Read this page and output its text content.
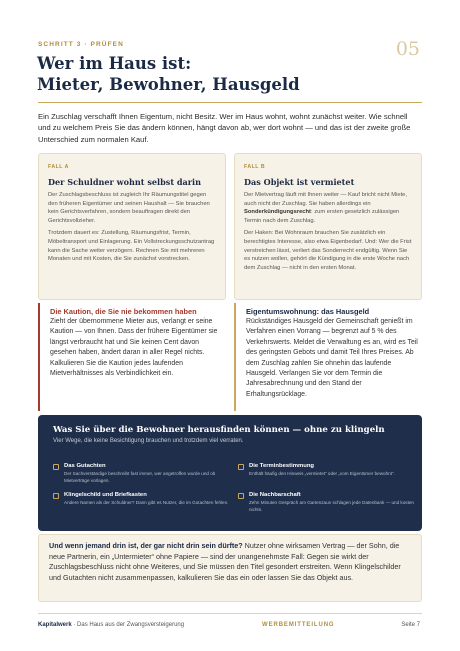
SCHRITT 3 · PRÜFEN	05
Wer im Haus ist:
Mieter, Bewohner, Hausgeld

Ein Zuschlag verschafft Ihnen Eigentum, nicht Besitz. Wer im Haus wohnt, wohnt zunächst weiter. Wie schnell und zu welchem Preis Sie das ändern können, hängt davon ab, wer dort wohnt — und das ist der zweite große Unterschied zum normalen Kauf.

FALL A
Der Schuldner wohnt selbst darin

Der Zuschlagsbeschluss ist zugleich Ihr Räumungstitel gegen den früheren Eigentümer und seinen Haushalt — Sie brauchen kein Gerichtsverfahren, sondern beauftragen direkt den Gerichtsvollzieher.

Trotzdem dauert es: Zustellung, Räumungsfrist, Termin, Möbeltransport und Einlagerung. Ein Vollstreckungsschutzantrag kann die Sache weiter verzögern. Rechnen Sie mit mehreren Monaten und mit Kosten, die Sie zunächst vorstrecken.

FALL B
Das Objekt ist vermietet

Der Mietvertrag läuft mit Ihnen weiter — Kauf bricht nicht Miete, auch nicht der Zuschlag. Sie haben allerdings ein Sonderkündigungsrecht: zum ersten gesetzlich zulässigen Termin nach dem Zuschlag.

Der Haken: Bei Wohnraum brauchen Sie zusätzlich ein berechtigtes Interesse, also etwa Eigenbedarf. Und: Wer die Frist verstreichen lässt, verliert das Sonderrecht endgültig. Wenn Sie es nutzen wollen, gehört die Kündigung in die erste Woche nach dem Zuschlag — nicht in den ersten Monat.

Die Kaution, die Sie nie bekommen haben

Zieht der übernommene Mieter aus, verlangt er seine Kaution — von Ihnen. Dass der frühere Eigentümer sie längst verbraucht hat und Sie keinen Cent davon gesehen haben, ändert daran in aller Regel nichts. Kalkulieren Sie die Kaution jedes laufenden Mietverhältnisses als Verbindlichkeit ein.

Eigentumswohnung: das Hausgeld

Rückständiges Hausgeld der Gemeinschaft genießt im Verfahren einen Vorrang — begrenzt auf 5 % des Verkehrswerts. Meldet die Verwaltung es an, wird es Teil des geringsten Gebots und damit Teil Ihres Preises. Ab dem Zuschlag zahlen Sie ohnehin das laufende Hausgeld. Verlangen Sie vor dem Termin die Jahresabrechnung und den Stand der Erhaltungsrücklage.

Was Sie über die Bewohner herausfinden können — ohne zu klingeln
Vier Wege, die keine Besichtigung brauchen und trotzdem viel verraten.
Das Gutachten
Der Sachverständige beschreibt fast immer, wer angetroffen wurde und ob Mietverträge vorlagen.
Die Terminbestimmung
Enthält häufig den Hinweis „vermietet“ oder „vom Eigentümer bewohnt“.
Klingelschild und Briefkasten
Andere Namen als der Schuldner? Dann gibt es Nutzer, die im Gutachten fehlen.
Die Nachbarschaft
Zehn Minuten Gespräch am Gartenzaun schlagen jede Datenbank — und kosten nichts.
Und wenn jemand drin ist, der gar nicht drin sein dürfte? Nutzer ohne wirksamen Vertrag — der Sohn, die neue Partnerin, ein „Untermieter“ ohne Papiere — sind der unangenehmste Fall: Gegen sie wirkt der Zuschlagsbeschluss nicht ohne Weiteres, und Sie müssen den Titel gesondert erstreiten. Wenn Klingelschilder und Gutachten nicht zusammenpassen, kalkulieren Sie das ein oder lassen Sie das Objekt aus.
Kapitalwerk · Das Haus aus der Zwangsversteigerung	WERBEMITTEILUNG	Seite 7
